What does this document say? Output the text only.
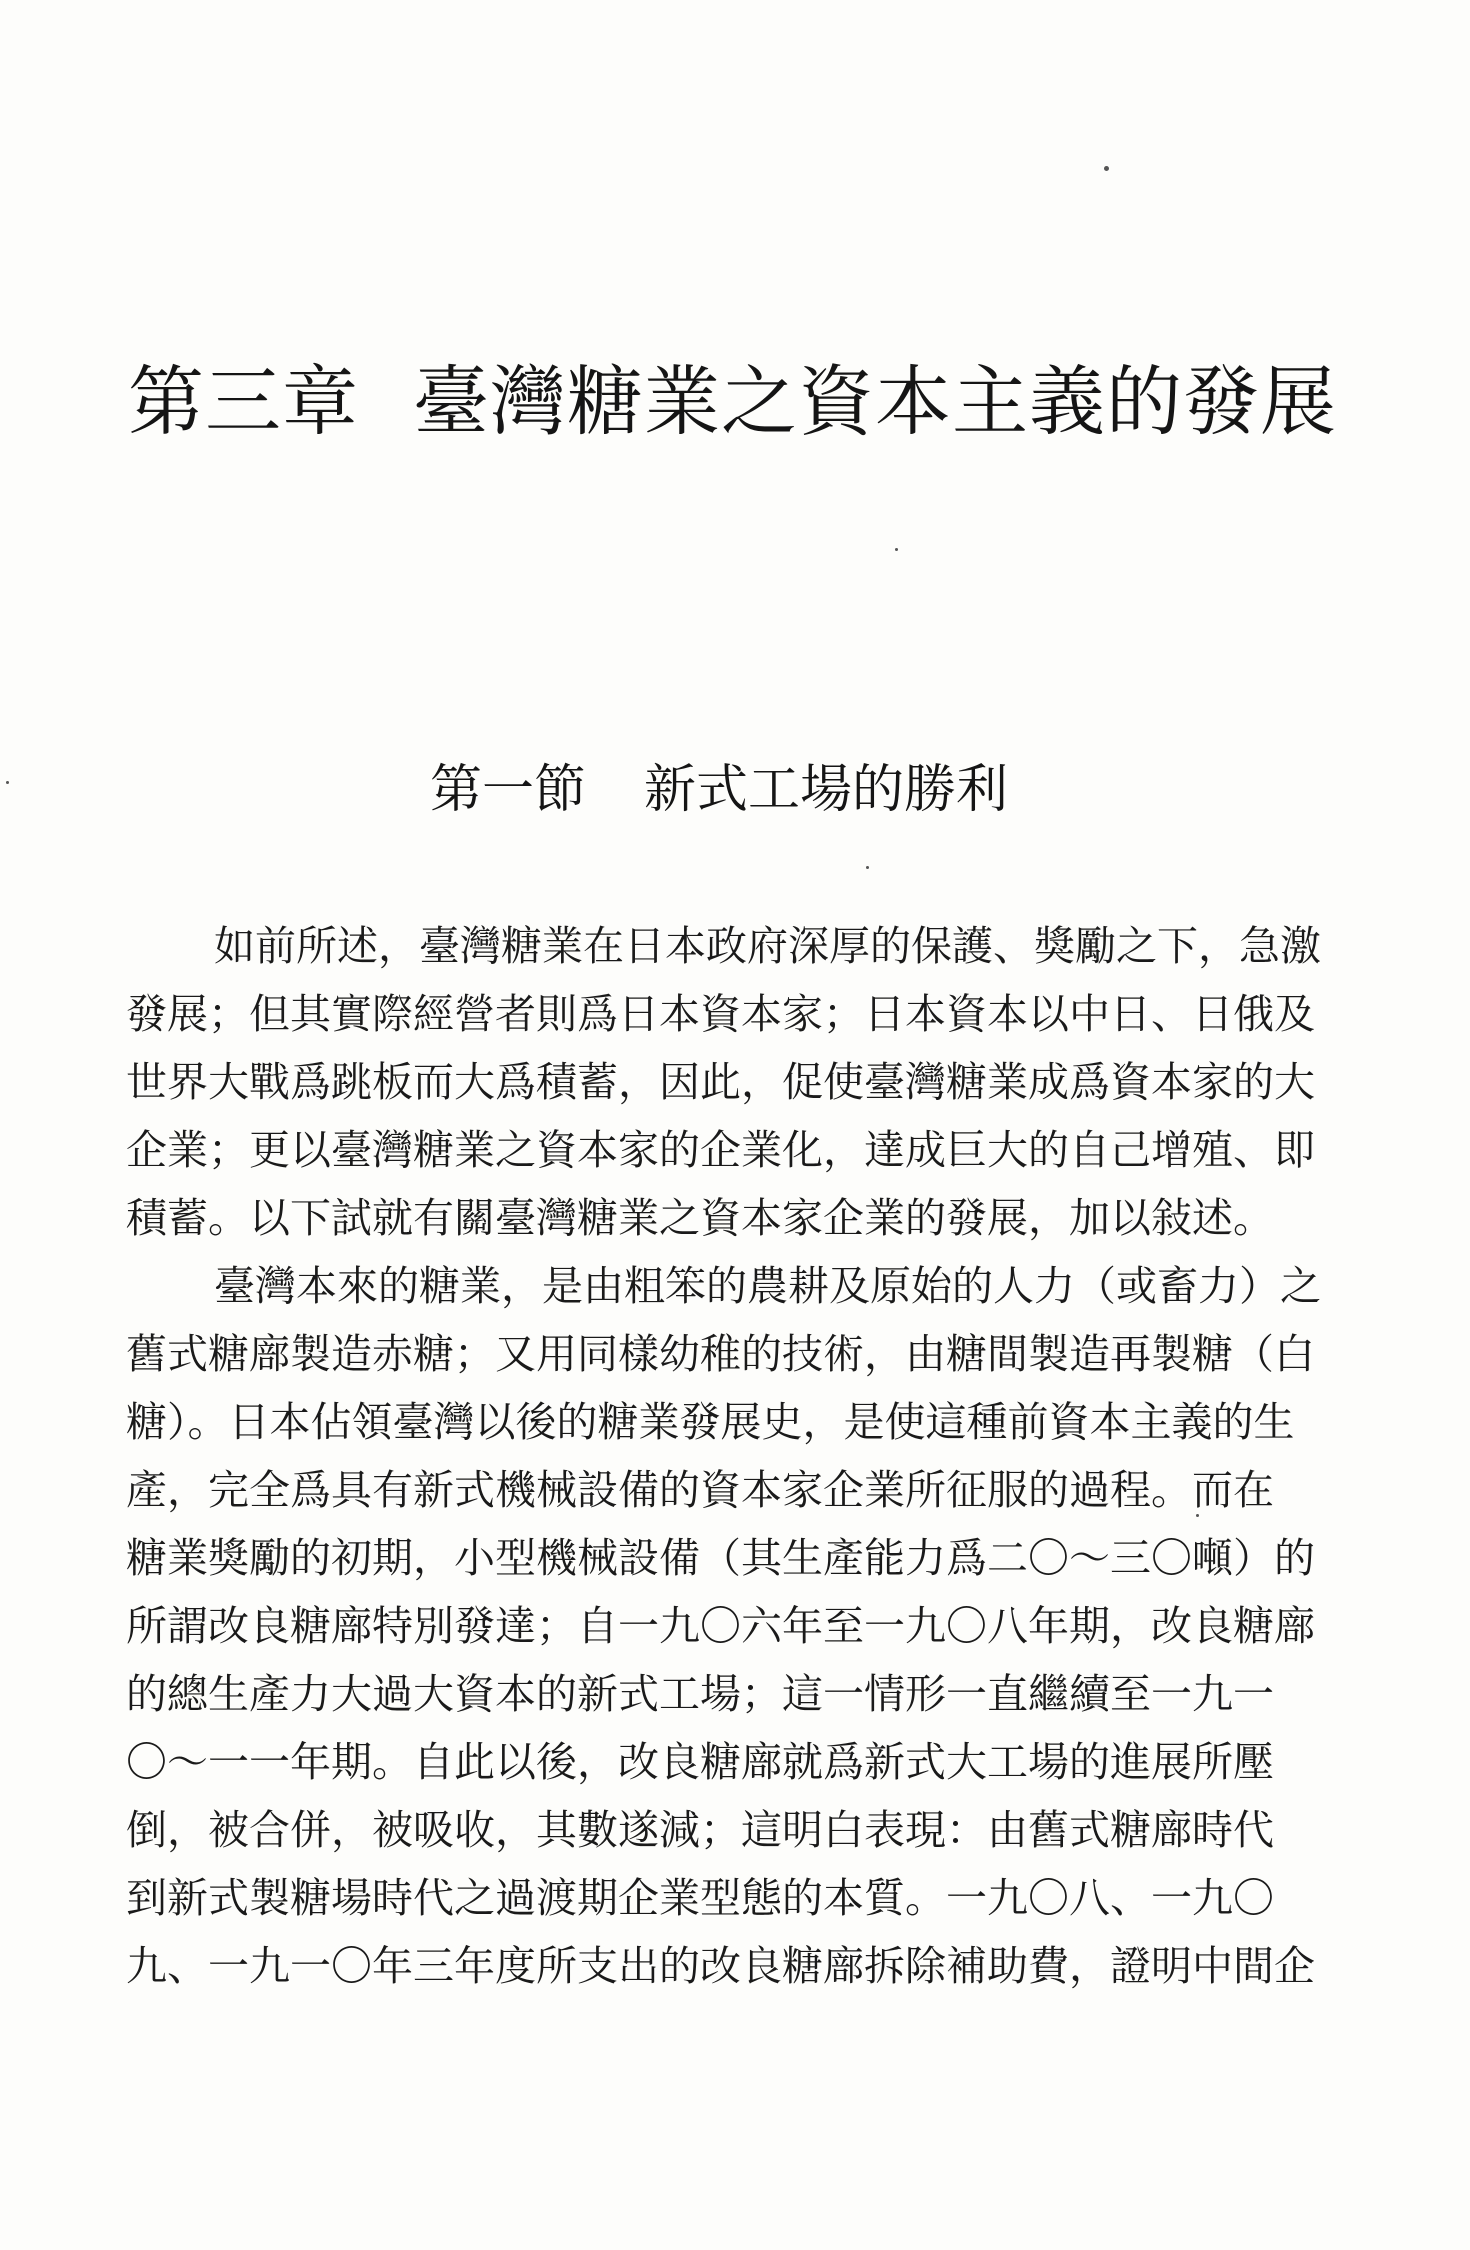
第三章 臺灣糖業之資本主義的發展
第一節 新式工場的勝利
如前所述，臺灣糖業在日本政府深厚的保護、獎勵之下，急激
發展；但其實際經營者則爲日本資本家；日本資本以中日、日俄及
世界大戰爲跳板而大爲積蓄，因此，促使臺灣糖業成爲資本家的大
企業；更以臺灣糖業之資本家的企業化，達成巨大的自己增殖、即
積蓄。以下試就有關臺灣糖業之資本家企業的發展，加以敍述。
臺灣本來的糖業，是由粗笨的農耕及原始的人力（或畜力）之
舊式糖廍製造赤糖；又用同樣幼稚的技術，由糖間製造再製糖（白
糖）。日本佔領臺灣以後的糖業發展史，是使這種前資本主義的生
產，完全爲具有新式機械設備的資本家企業所征服的過程。而在
糖業獎勵的初期，小型機械設備（其生產能力爲二〇～三〇噸）的
所謂改良糖廍特別發達；自一九〇六年至一九〇八年期，改良糖廍
的總生產力大過大資本的新式工場；這一情形一直繼續至一九一
〇～一一年期。自此以後，改良糖廍就爲新式大工場的進展所壓
倒，被合併，被吸收，其數遂減；這明白表現：由舊式糖廍時代
到新式製糖場時代之過渡期企業型態的本質。一九〇八、一九〇
九、一九一〇年三年度所支出的改良糖廍拆除補助費，證明中間企
